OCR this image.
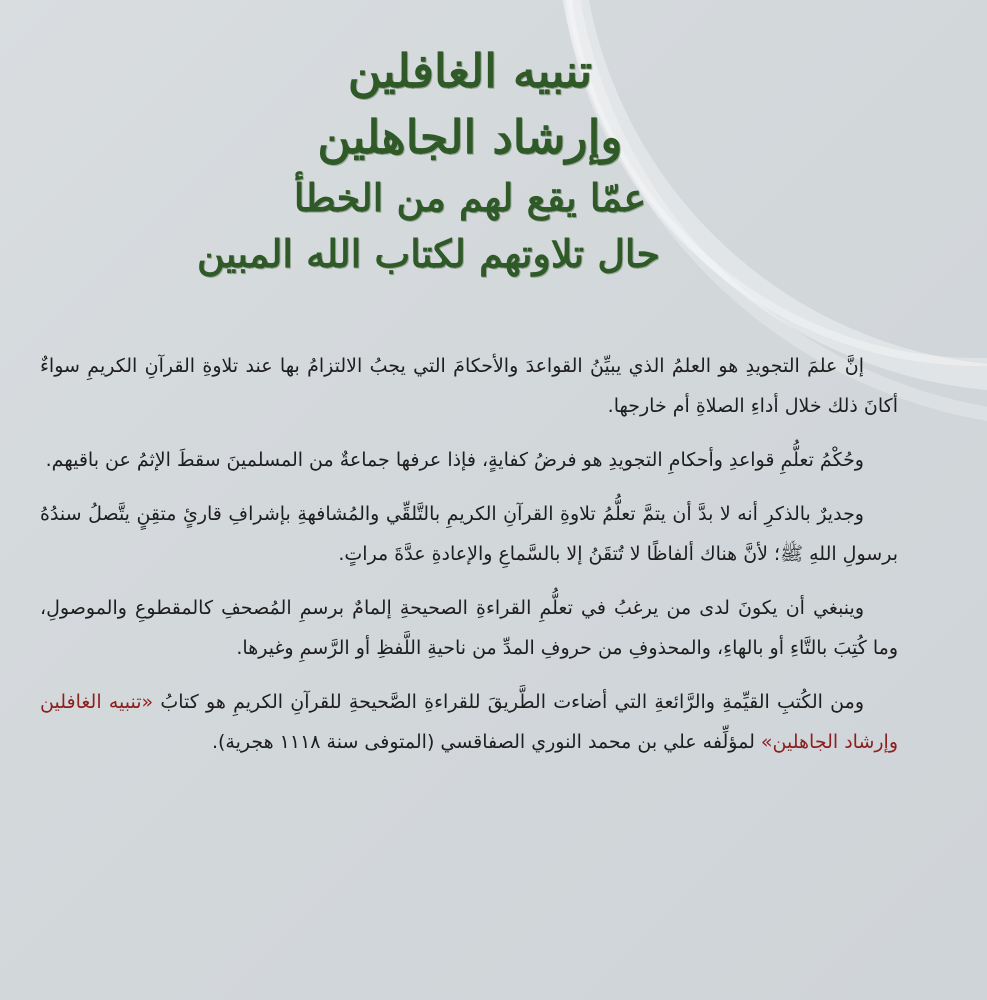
تنبيه الغافلين
وإرشاد الجاهلين
عمّا يقع لهم من الخطأ
حال تلاوتهم لكتاب الله المبين

إنَّ علمَ التجويدِ هو العلمُ الذي يبيِّنُ القواعدَ والأحكامَ التي يجبُ الالتزامُ بها عند تلاوةِ القرآنِ الكريمِ سواءٌ أكانَ ذلك خلال أداءِ الصلاةِ أم خارجها.

وحُكْمُ تعلُّمِ قواعدِ وأحكامِ التجويدِ هو فرضُ كفايةٍ، فإذا عرفها جماعةٌ من المسلمينَ سقطَ الإثمُ عن باقيهم.

وجديرٌ بالذكرِ أنه لا بدَّ أن يتمَّ تعلُّمُ تلاوةِ القرآنِ الكريمِ بالتَّلقِّي والمُشافهةِ بإشرافِ قارئٍ متقِنٍ يتَّصلُ سندُهُ برسولِ اللهِ ﷺ؛ لأنَّ هناك ألفاظًا لا تُتقَنُ إلا بالسَّماعِ والإعادةِ عدَّةَ مراتٍ.

وينبغي أن يكونَ لدى من يرغبُ في تعلُّمِ القراءةِ الصحيحةِ إلمامٌ برسمِ المُصحفِ كالمقطوعِ والموصولِ، وما كُتِبَ بالتَّاءِ أو بالهاءِ، والمحذوفِ من حروفِ المدِّ من ناحيةِ اللَّفظِ أو الرَّسمِ وغيرها.

ومن الكُتبِ القيِّمةِ والرَّائعةِ التي أضاءت الطَّريقَ للقراءةِ الصَّحيحةِ للقرآنِ الكريمِ هو كتابُ «تنبيه الغافلين وإرشاد الجاهلين» لمؤلِّفه علي بن محمد النوري الصفاقسي (المتوفى سنة ١١١٨ هجرية).
